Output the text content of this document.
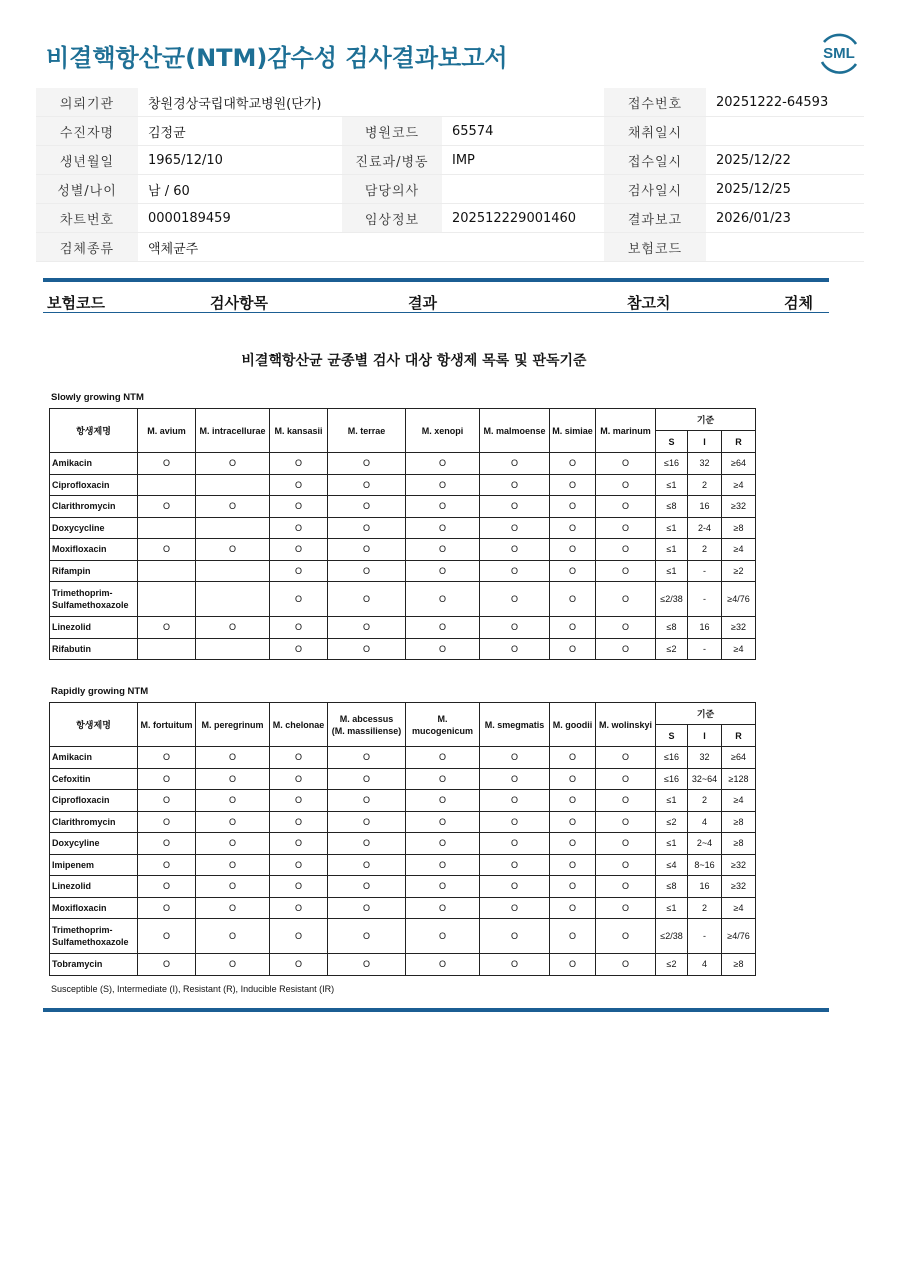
비결핵항산균(NTM)감수성 검사결과보고서	SML
의뢰기관	창원경상국립대학교병원(단가)			접수번호	20251222-64593
수진자명	김정균	병원코드	65574	채취일시	
생년월일	1965/12/10	진료과/병동	IMP	접수일시	2025/12/22
성별/나이	남 / 60	담당의사		검사일시	2025/12/25
차트번호	0000189459	임상정보	202512229001460	결과보고	2026/01/23
검체종류	액체균주			보험코드	
보험코드	검사항목	결과	참고치	검체
비결핵항산균 균종별 검사 대상 항생제 목록 및 판독기준
Slowly growing NTM
항생제명	M. avium	M. intracellurae	M. kansasii	M. terrae	M. xenopi	M. malmoense	M. simiae	M. marinum	기준		
									S	I	R
Amikacin	O	O	O	O	O	O	O	O	≤16	32	≥64
Ciprofloxacin			O	O	O	O	O	O	≤1	2	≥4
Clarithromycin	O	O	O	O	O	O	O	O	≤8	16	≥32
Doxycycline			O	O	O	O	O	O	≤1	2-4	≥8
Moxifloxacin	O	O	O	O	O	O	O	O	≤1	2	≥4
Rifampin			O	O	O	O	O	O	≤1	-	≥2
Trimethoprim-
Sulfamethoxazole			O	O	O	O	O	O	≤2/38	-	≥4/76
Linezolid	O	O	O	O	O	O	O	O	≤8	16	≥32
Rifabutin			O	O	O	O	O	O	≤2	-	≥4
Rapidly growing NTM
항생제명	M. fortuitum	M. peregrinum	M. chelonae	M. abcessus
(M. massiliense)	M. mucogenicum	M. smegmatis	M. goodii	M. wolinskyi	기준		
									S	I	R
Amikacin	O	O	O	O	O	O	O	O	≤16	32	≥64
Cefoxitin	O	O	O	O	O	O	O	O	≤16	32~64	≥128
Ciprofloxacin	O	O	O	O	O	O	O	O	≤1	2	≥4
Clarithromycin	O	O	O	O	O	O	O	O	≤2	4	≥8
Doxycyline	O	O	O	O	O	O	O	O	≤1	2~4	≥8
Imipenem	O	O	O	O	O	O	O	O	≤4	8~16	≥32
Linezolid	O	O	O	O	O	O	O	O	≤8	16	≥32
Moxifloxacin	O	O	O	O	O	O	O	O	≤1	2	≥4
Trimethoprim-
Sulfamethoxazole	O	O	O	O	O	O	O	O	≤2/38	-	≥4/76
Tobramycin	O	O	O	O	O	O	O	O	≤2	4	≥8
Susceptible (S), Intermediate (I), Resistant (R), Inducible Resistant (IR)
